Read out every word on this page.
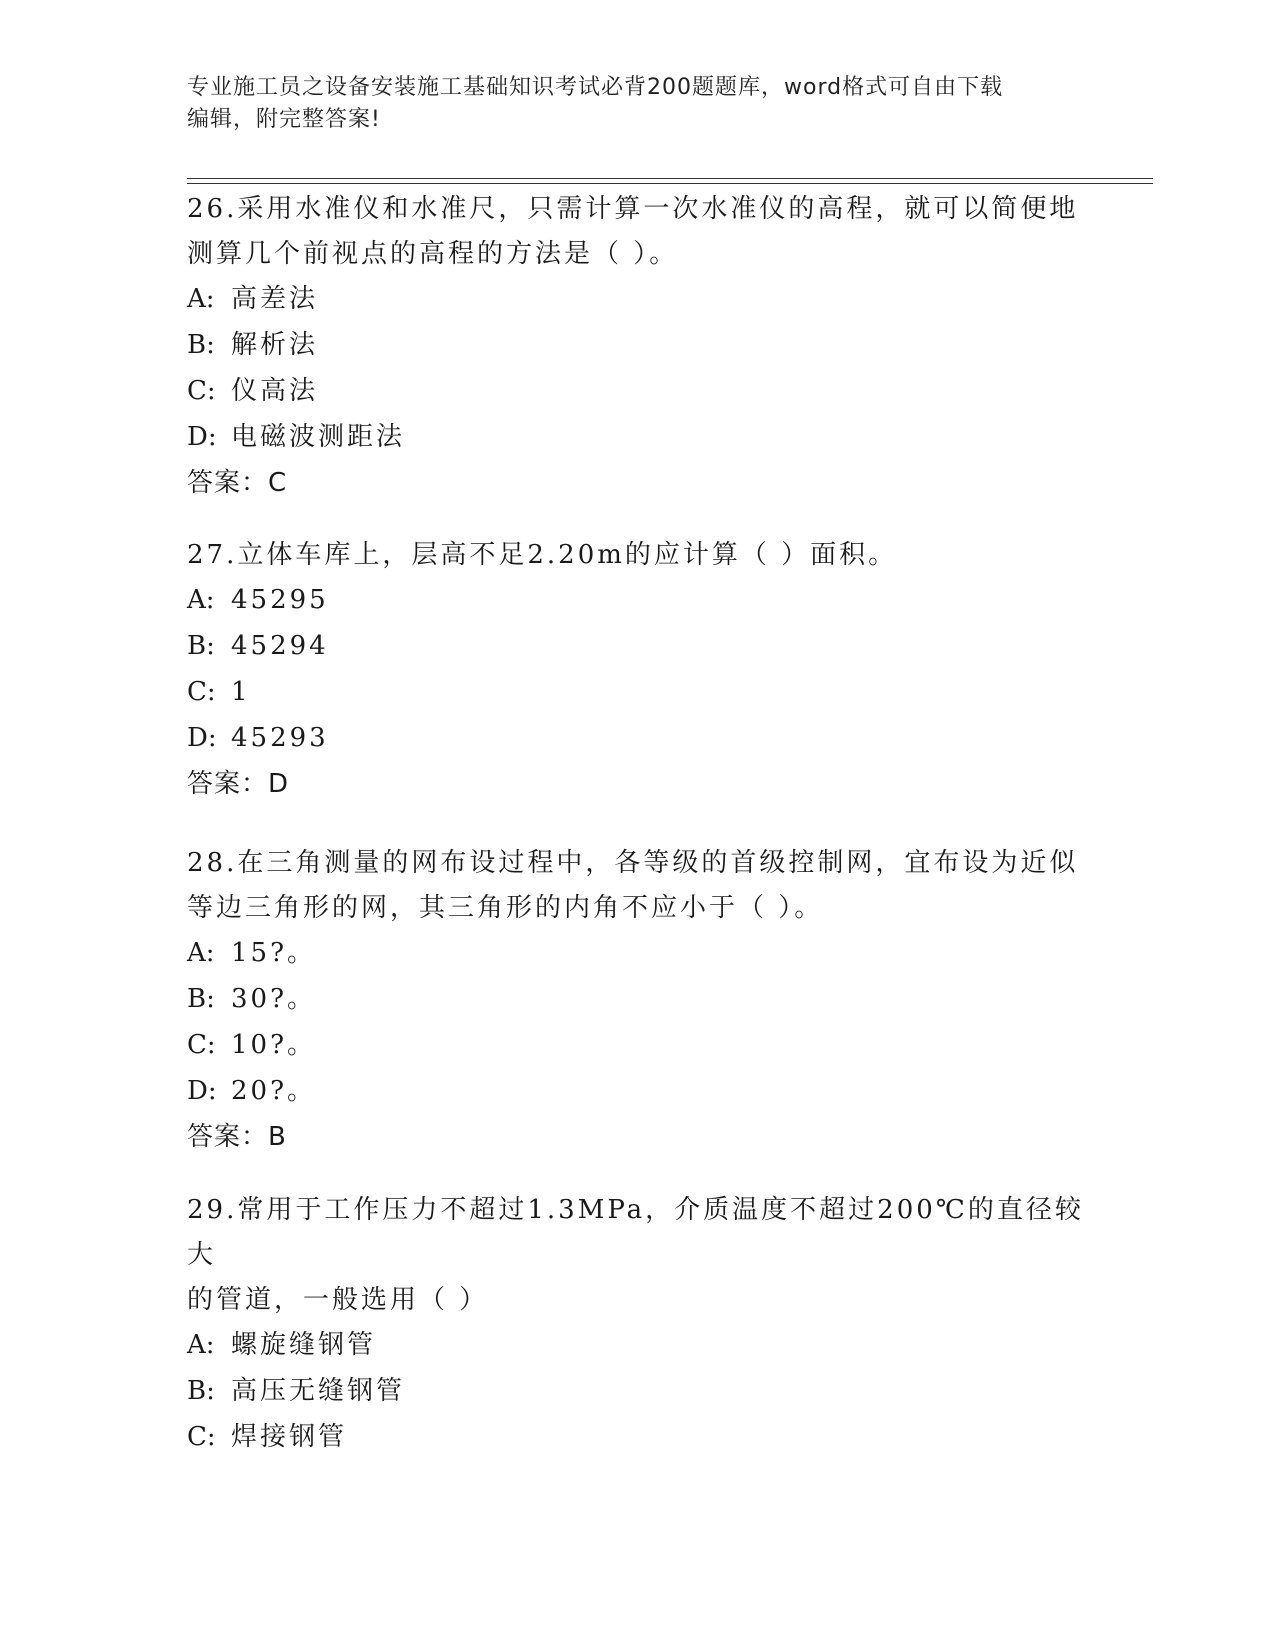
专业施工员之设备安装施工基础知识考试必背200题题库，word格式可自由下载
编辑，附完整答案!

26.采用水准仪和水准尺，只需计算一次水准仪的高程，就可以简便地

测算几个前视点的高程的方法是（ ）。

A: 高差法

B: 解析法

C: 仪高法

D: 电磁波测距法

答案：C

27.立体车库上，层高不足2.20m的应计算（ ）面积。

A: 45295

B: 45294

C: 1

D: 45293

答案：D

28.在三角测量的网布设过程中，各等级的首级控制网，宜布设为近似

等边三角形的网，其三角形的内角不应小于（ ）。

A: 15?。

B: 30?。

C: 10?。

D: 20?。

答案：B

29.常用于工作压力不超过1.3MPa，介质温度不超过200℃的直径较大

的管道，一般选用（ ）

A: 螺旋缝钢管

B: 高压无缝钢管

C: 焊接钢管
